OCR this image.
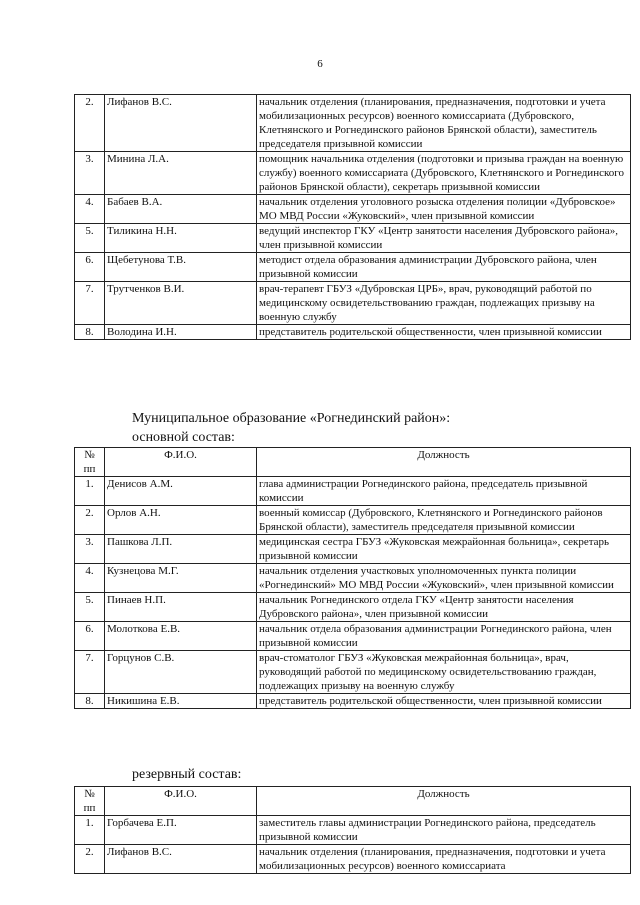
6
2.	Лифанов В.С.	начальник отделения (планирования, предназначения, подготовки и учета мобилизационных ресурсов) военного комиссариата (Дубровского, Клетнянского и Рогнединского районов Брянской области), заместитель председателя призывной комиссии
3.	Минина Л.А.	помощник начальника отделения (подготовки и призыва граждан на военную службу) военного комиссариата (Дубровского, Клетнянского и Рогнединского районов Брянской области), секретарь призывной комиссии
4.	Бабаев В.А.	начальник отделения уголовного розыска отделения полиции «Дубровское» МО МВД России «Жуковский», член призывной комиссии
5.	Тиликина Н.Н.	ведущий инспектор ГКУ «Центр занятости населения Дубровского района», член призывной комиссии
6.	Щебетунова Т.В.	методист отдела образования администрации Дубровского района, член призывной комиссии
7.	Трутченков В.И.	врач-терапевт ГБУЗ «Дубровская ЦРБ», врач, руководящий работой по медицинскому освидетельствованию граждан, подлежащих призыву на военную службу
8.	Володина И.Н.	представитель родительской общественности, член призывной комиссии
Муниципальное образование «Рогнединский район»:
основной состав:
№ пп	Ф.И.О.	Должность
1.	Денисов А.М.	глава администрации Рогнединского района, председатель призывной комиссии
2.	Орлов А.Н.	военный комиссар (Дубровского, Клетнянского и Рогнединского районов Брянской области), заместитель председателя призывной комиссии
3.	Пашкова Л.П.	медицинская сестра ГБУЗ «Жуковская межрайонная больница», секретарь призывной комиссии
4.	Кузнецова М.Г.	начальник отделения участковых уполномоченных пункта полиции «Рогнединский» МО МВД России «Жуковский», член призывной комиссии
5.	Пинаев Н.П.	начальник Рогнединского отдела ГКУ «Центр занятости населения Дубровского района», член призывной комиссии
6.	Молоткова Е.В.	начальник отдела образования администрации Рогнединского района, член призывной комиссии
7.	Горцунов С.В.	врач-стоматолог ГБУЗ «Жуковская межрайонная больница», врач, руководящий работой по медицинскому освидетельствованию граждан, подлежащих призыву на военную службу
8.	Никишина Е.В.	представитель родительской общественности, член призывной комиссии
резервный состав:
№ пп	Ф.И.О.	Должность
1.	Горбачева Е.П.	заместитель главы администрации Рогнединского района, председатель призывной комиссии
2.	Лифанов В.С.	начальник отделения (планирования, предназначения, подготовки и учета мобилизационных ресурсов) военного комиссариата
